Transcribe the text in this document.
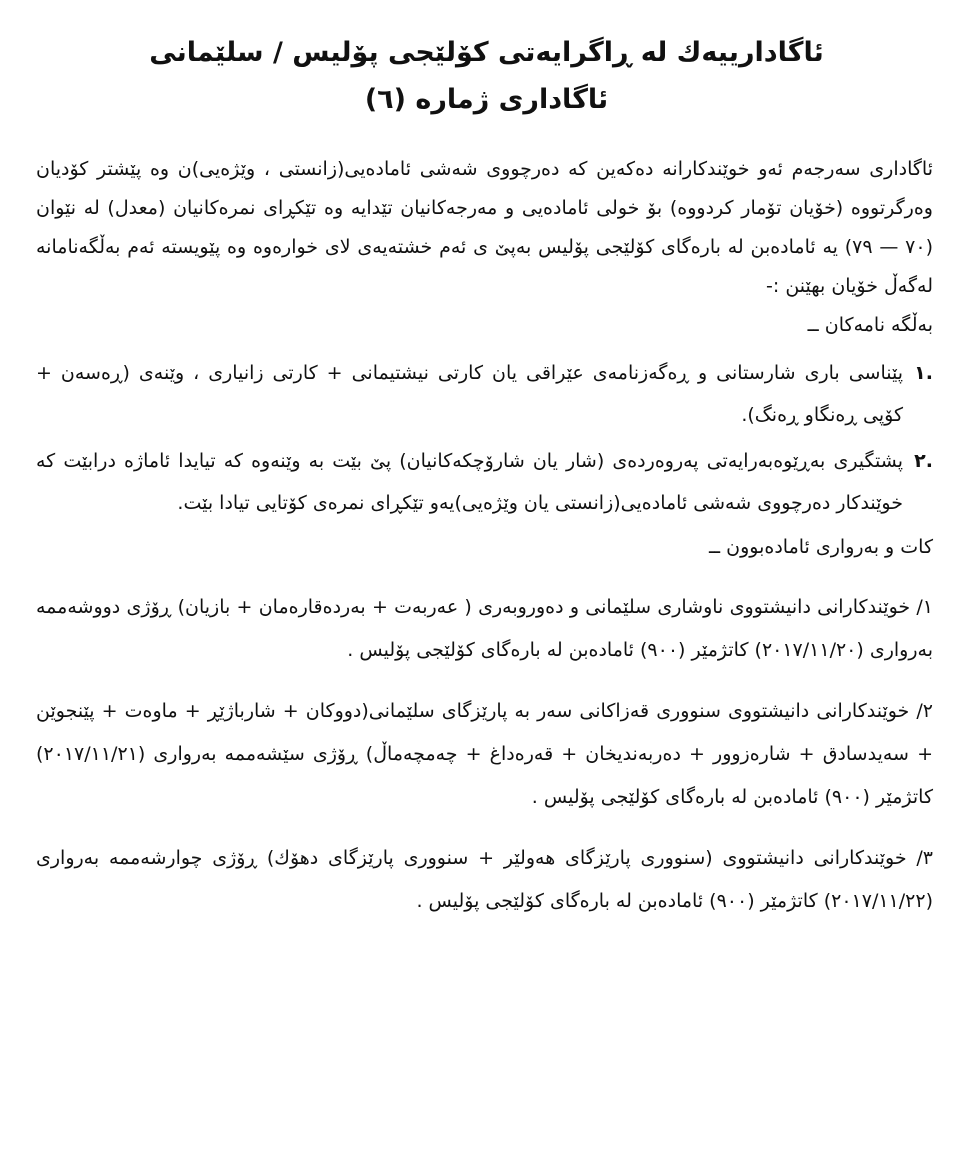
ئاگادارییەك لە ڕاگرایەتی کۆلێجی پۆلیس / سلێمانی
ئاگاداری ژمارە (٦)

ئاگاداری سەرجەم ئەو خوێندکارانە دەکەین کە دەرچووی شەشی ئامادەیی(زانستی ، وێژەیی)ن وە پێشتر کۆدیان وەرگرتووە (خۆیان تۆمار کردووە) بۆ خولی ئامادەیی و مەرجەکانیان تێدایە وە تێکڕای نمرەکانیان (معدل) لە نێوان (٧٠ — ٧٩) یە ئامادەبن لە بارەگای کۆلێجی پۆلیس بەپێ ی ئەم خشتەیەی لای خوارەوە وە پێویستە ئەم بەڵگەنامانە لەگەڵ خۆیان بهێنن :-

بەڵگە نامەکان ــ
.١
پێناسی باری شارستانی و ڕەگەزنامەی عێراقی یان کارتی نیشتیمانی + کارتی زانیاری ، وێنەی (ڕەسەن + کۆپی ڕەنگاو ڕەنگ).
.٢
پشتگیری بەڕێوەبەرایەتی پەروەردەی (شار یان شارۆچکەکانیان) پێ بێت بە وێنەوە کە تیایدا ئاماژە درابێت کە خوێندکار دەرچووی شەشی ئامادەیی(زانستی یان وێژەیی)یەو تێکڕای نمرەی کۆتایی تیادا بێت.
کات و بەرواری ئامادەبوون ــ

١/ خوێندکارانی دانیشتووی ناوشاری سلێمانی و دەوروبەری ( عەربەت + بەردەقارەمان + بازیان) ڕۆژی دووشەممە بەرواری (٢٠١٧/١١/٢٠) کاتژمێر (٩٠٠) ئامادەبن لە بارەگای کۆلێجی پۆلیس .

٢/ خوێندکارانی دانیشتووی سنووری قەزاکانی سەر بە پارێزگای سلێمانی(دووکان + شارباژێڕ + ماوەت + پێنجوێن + سەیدسادق + شارەزوور + دەربەندیخان + قەرەداغ + چەمچەماڵ) ڕۆژی سێشەممە بەرواری (٢٠١٧/١١/٢١) کاتژمێر (٩٠٠) ئامادەبن لە بارەگای کۆلێجی پۆلیس .

٣/ خوێندکارانی دانیشتووی (سنووری پارێزگای هەولێر + سنووری پارێزگای دهۆك) ڕۆژی چوارشەممە بەرواری (٢٠١٧/١١/٢٢) کاتژمێر (٩٠٠) ئامادەبن لە بارەگای کۆلێجی پۆلیس .
